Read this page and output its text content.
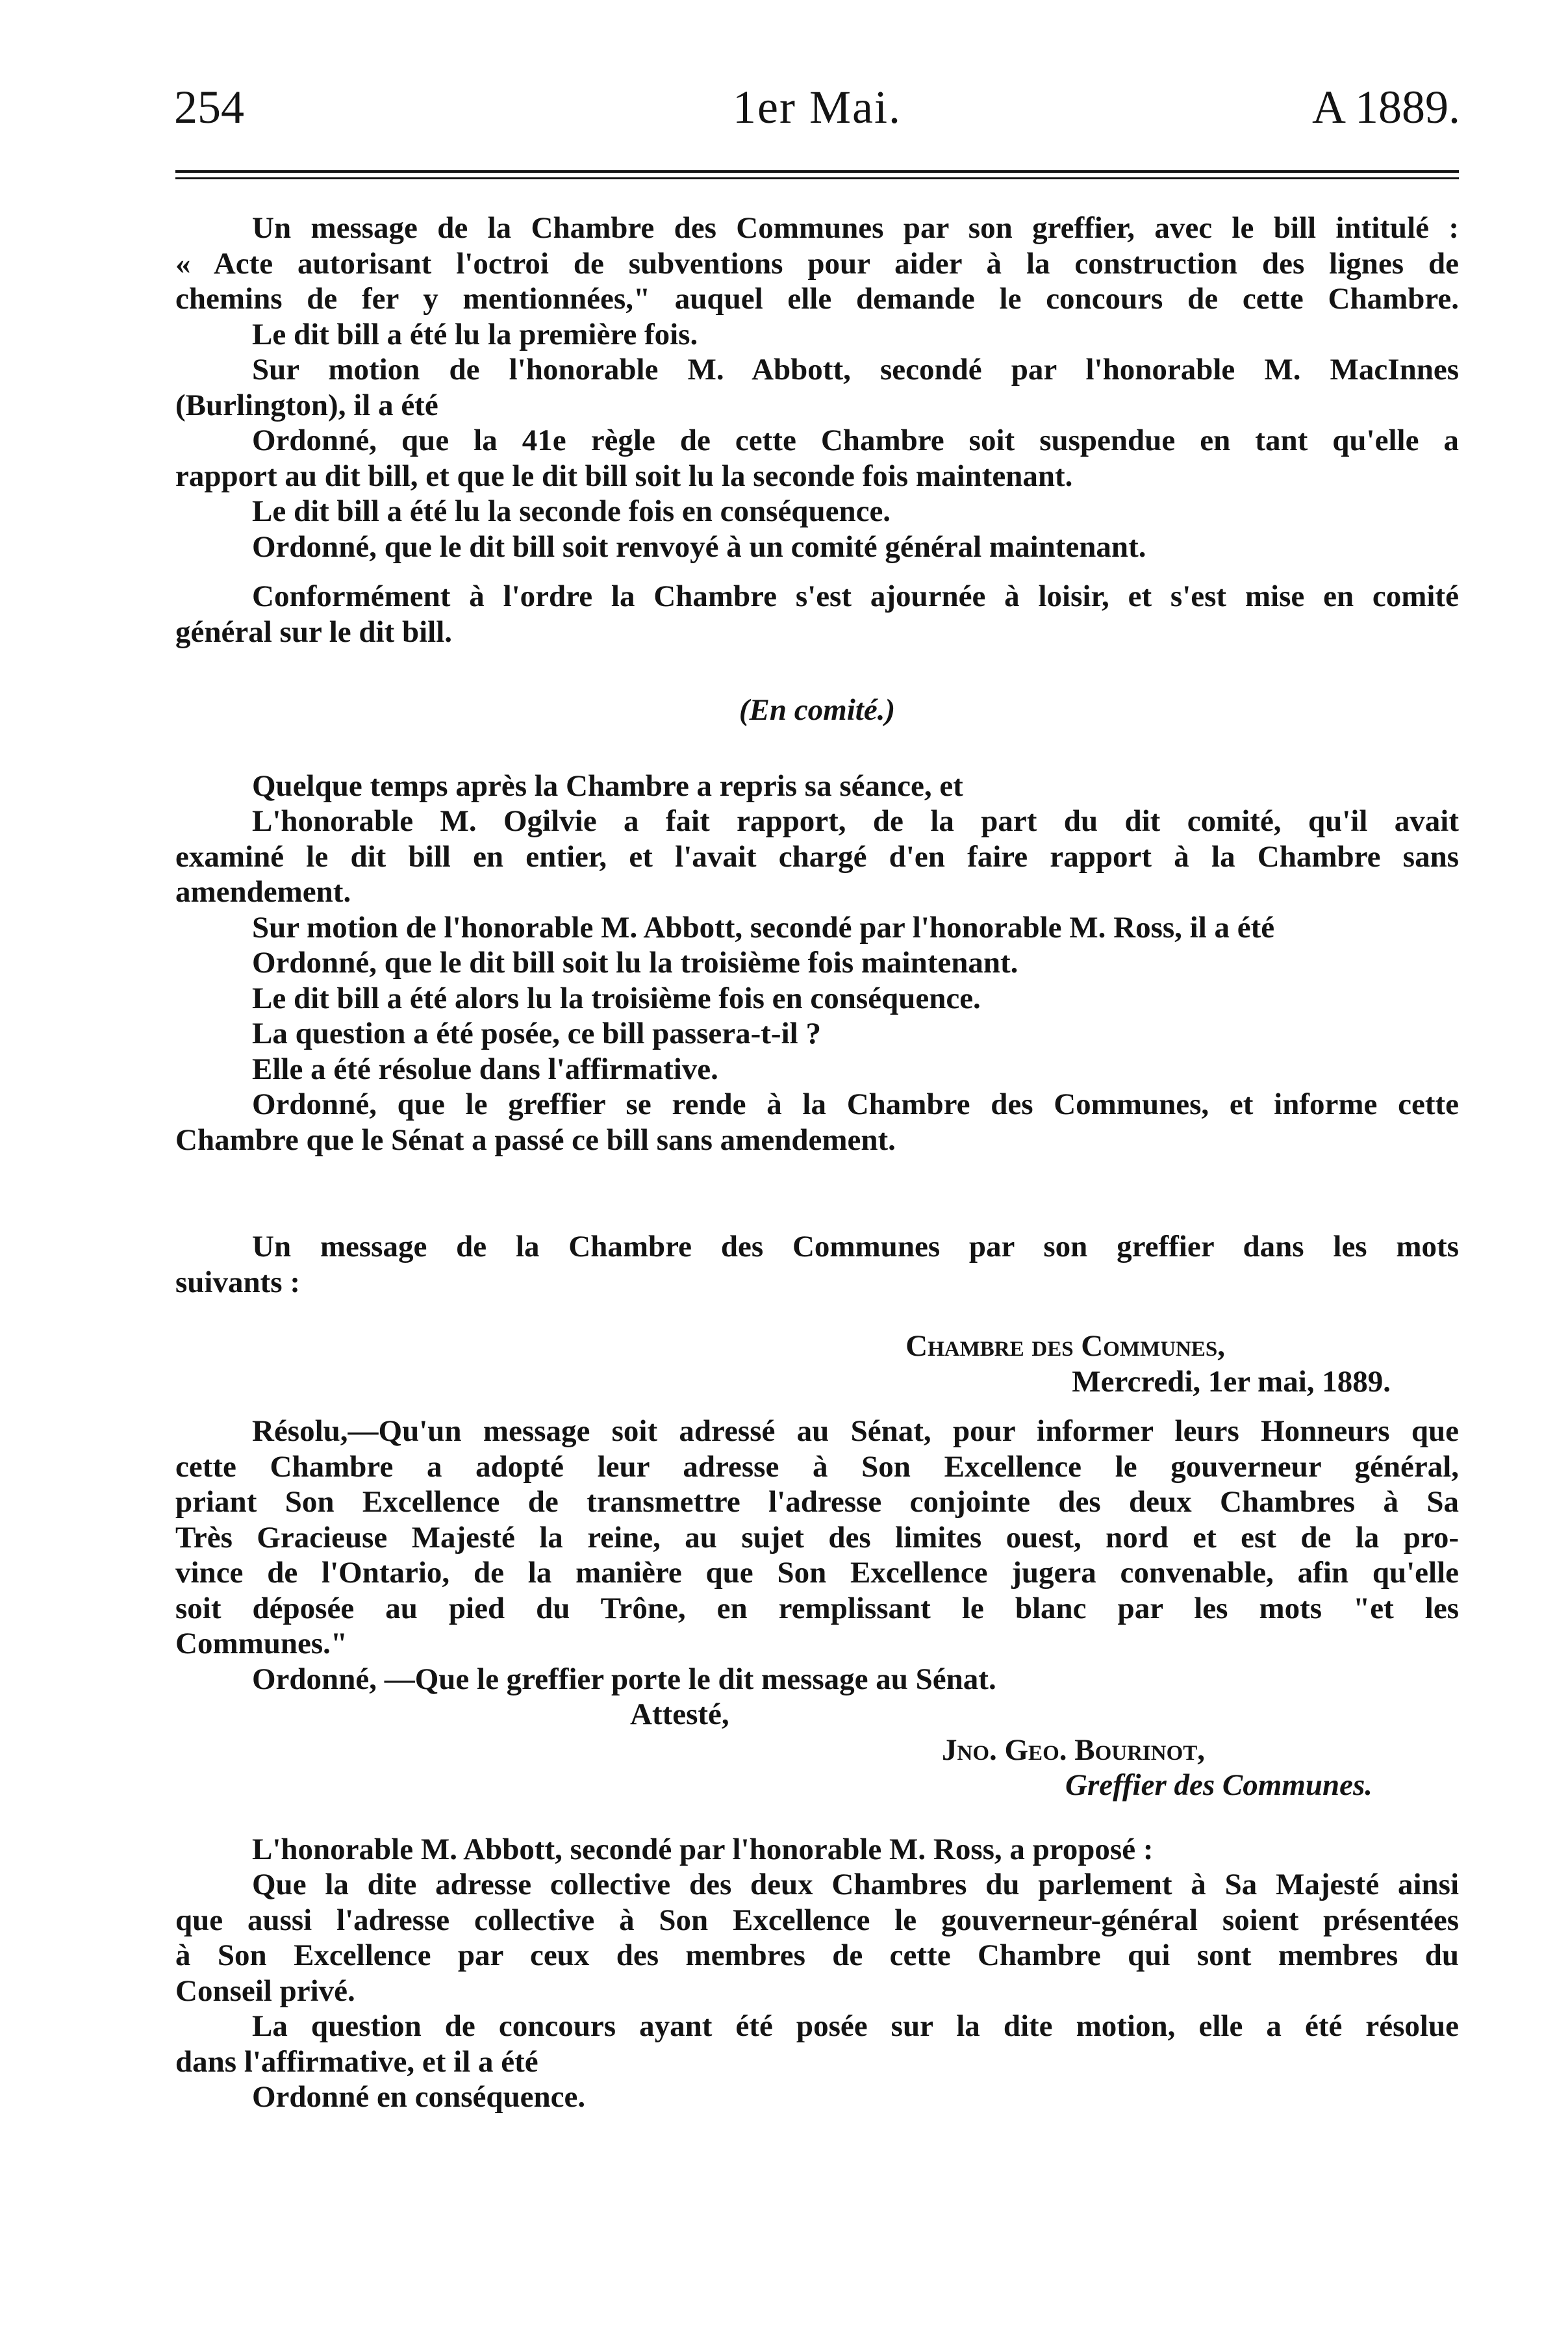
254	1er Mai.	A 1889.

Un message de la Chambre des Communes par son greffier, avec le bill intitulé :

« Acte autorisant l'octroi de subventions pour aider à la construction des lignes de

chemins de fer y mentionnées," auquel elle demande le concours de cette Chambre.

Le dit bill a été lu la première fois.

Sur motion de l'honorable M. Abbott, secondé par l'honorable M. MacInnes

(Burlington), il a été

Ordonné, que la 41e règle de cette Chambre soit suspendue en tant qu'elle a

rapport au dit bill, et que le dit bill soit lu la seconde fois maintenant.

Le dit bill a été lu la seconde fois en conséquence.

Ordonné, que le dit bill soit renvoyé à un comité général maintenant.

Conformément à l'ordre la Chambre s'est ajournée à loisir, et s'est mise en comité

général sur le dit bill.

(En comité.)

Quelque temps après la Chambre a repris sa séance, et

L'honorable M. Ogilvie a fait rapport, de la part du dit comité, qu'il avait

examiné le dit bill en entier, et l'avait chargé d'en faire rapport à la Chambre sans

amendement.

Sur motion de l'honorable M. Abbott, secondé par l'honorable M. Ross, il a été

Ordonné, que le dit bill soit lu la troisième fois maintenant.

Le dit bill a été alors lu la troisième fois en conséquence.

La question a été posée, ce bill passera-t-il ?

Elle a été résolue dans l'affirmative.

Ordonné, que le greffier se rende à la Chambre des Communes, et informe cette

Chambre que le Sénat a passé ce bill sans amendement.

Un message de la Chambre des Communes par son greffier dans les mots

suivants :

Chambre des Communes,

Mercredi, 1er mai, 1889.

Résolu,—Qu'un message soit adressé au Sénat, pour informer leurs Honneurs que

cette Chambre a adopté leur adresse à Son Excellence le gouverneur général,

priant Son Excellence de transmettre l'adresse conjointe des deux Chambres à Sa

Très Gracieuse Majesté la reine, au sujet des limites ouest, nord et est de la pro-

vince de l'Ontario, de la manière que Son Excellence jugera convenable, afin qu'elle

soit déposée au pied du Trône, en remplissant le blanc par les mots "et les

Communes."

Ordonné, —Que le greffier porte le dit message au Sénat.

Attesté,

Jno. Geo. Bourinot,

Greffier des Communes.

L'honorable M. Abbott, secondé par l'honorable M. Ross, a proposé :

Que la dite adresse collective des deux Chambres du parlement à Sa Majesté ainsi

que aussi l'adresse collective à Son Excellence le gouverneur-général soient présentées

à Son Excellence par ceux des membres de cette Chambre qui sont membres du

Conseil privé.

La question de concours ayant été posée sur la dite motion, elle a été résolue

dans l'affirmative, et il a été

Ordonné en conséquence.
